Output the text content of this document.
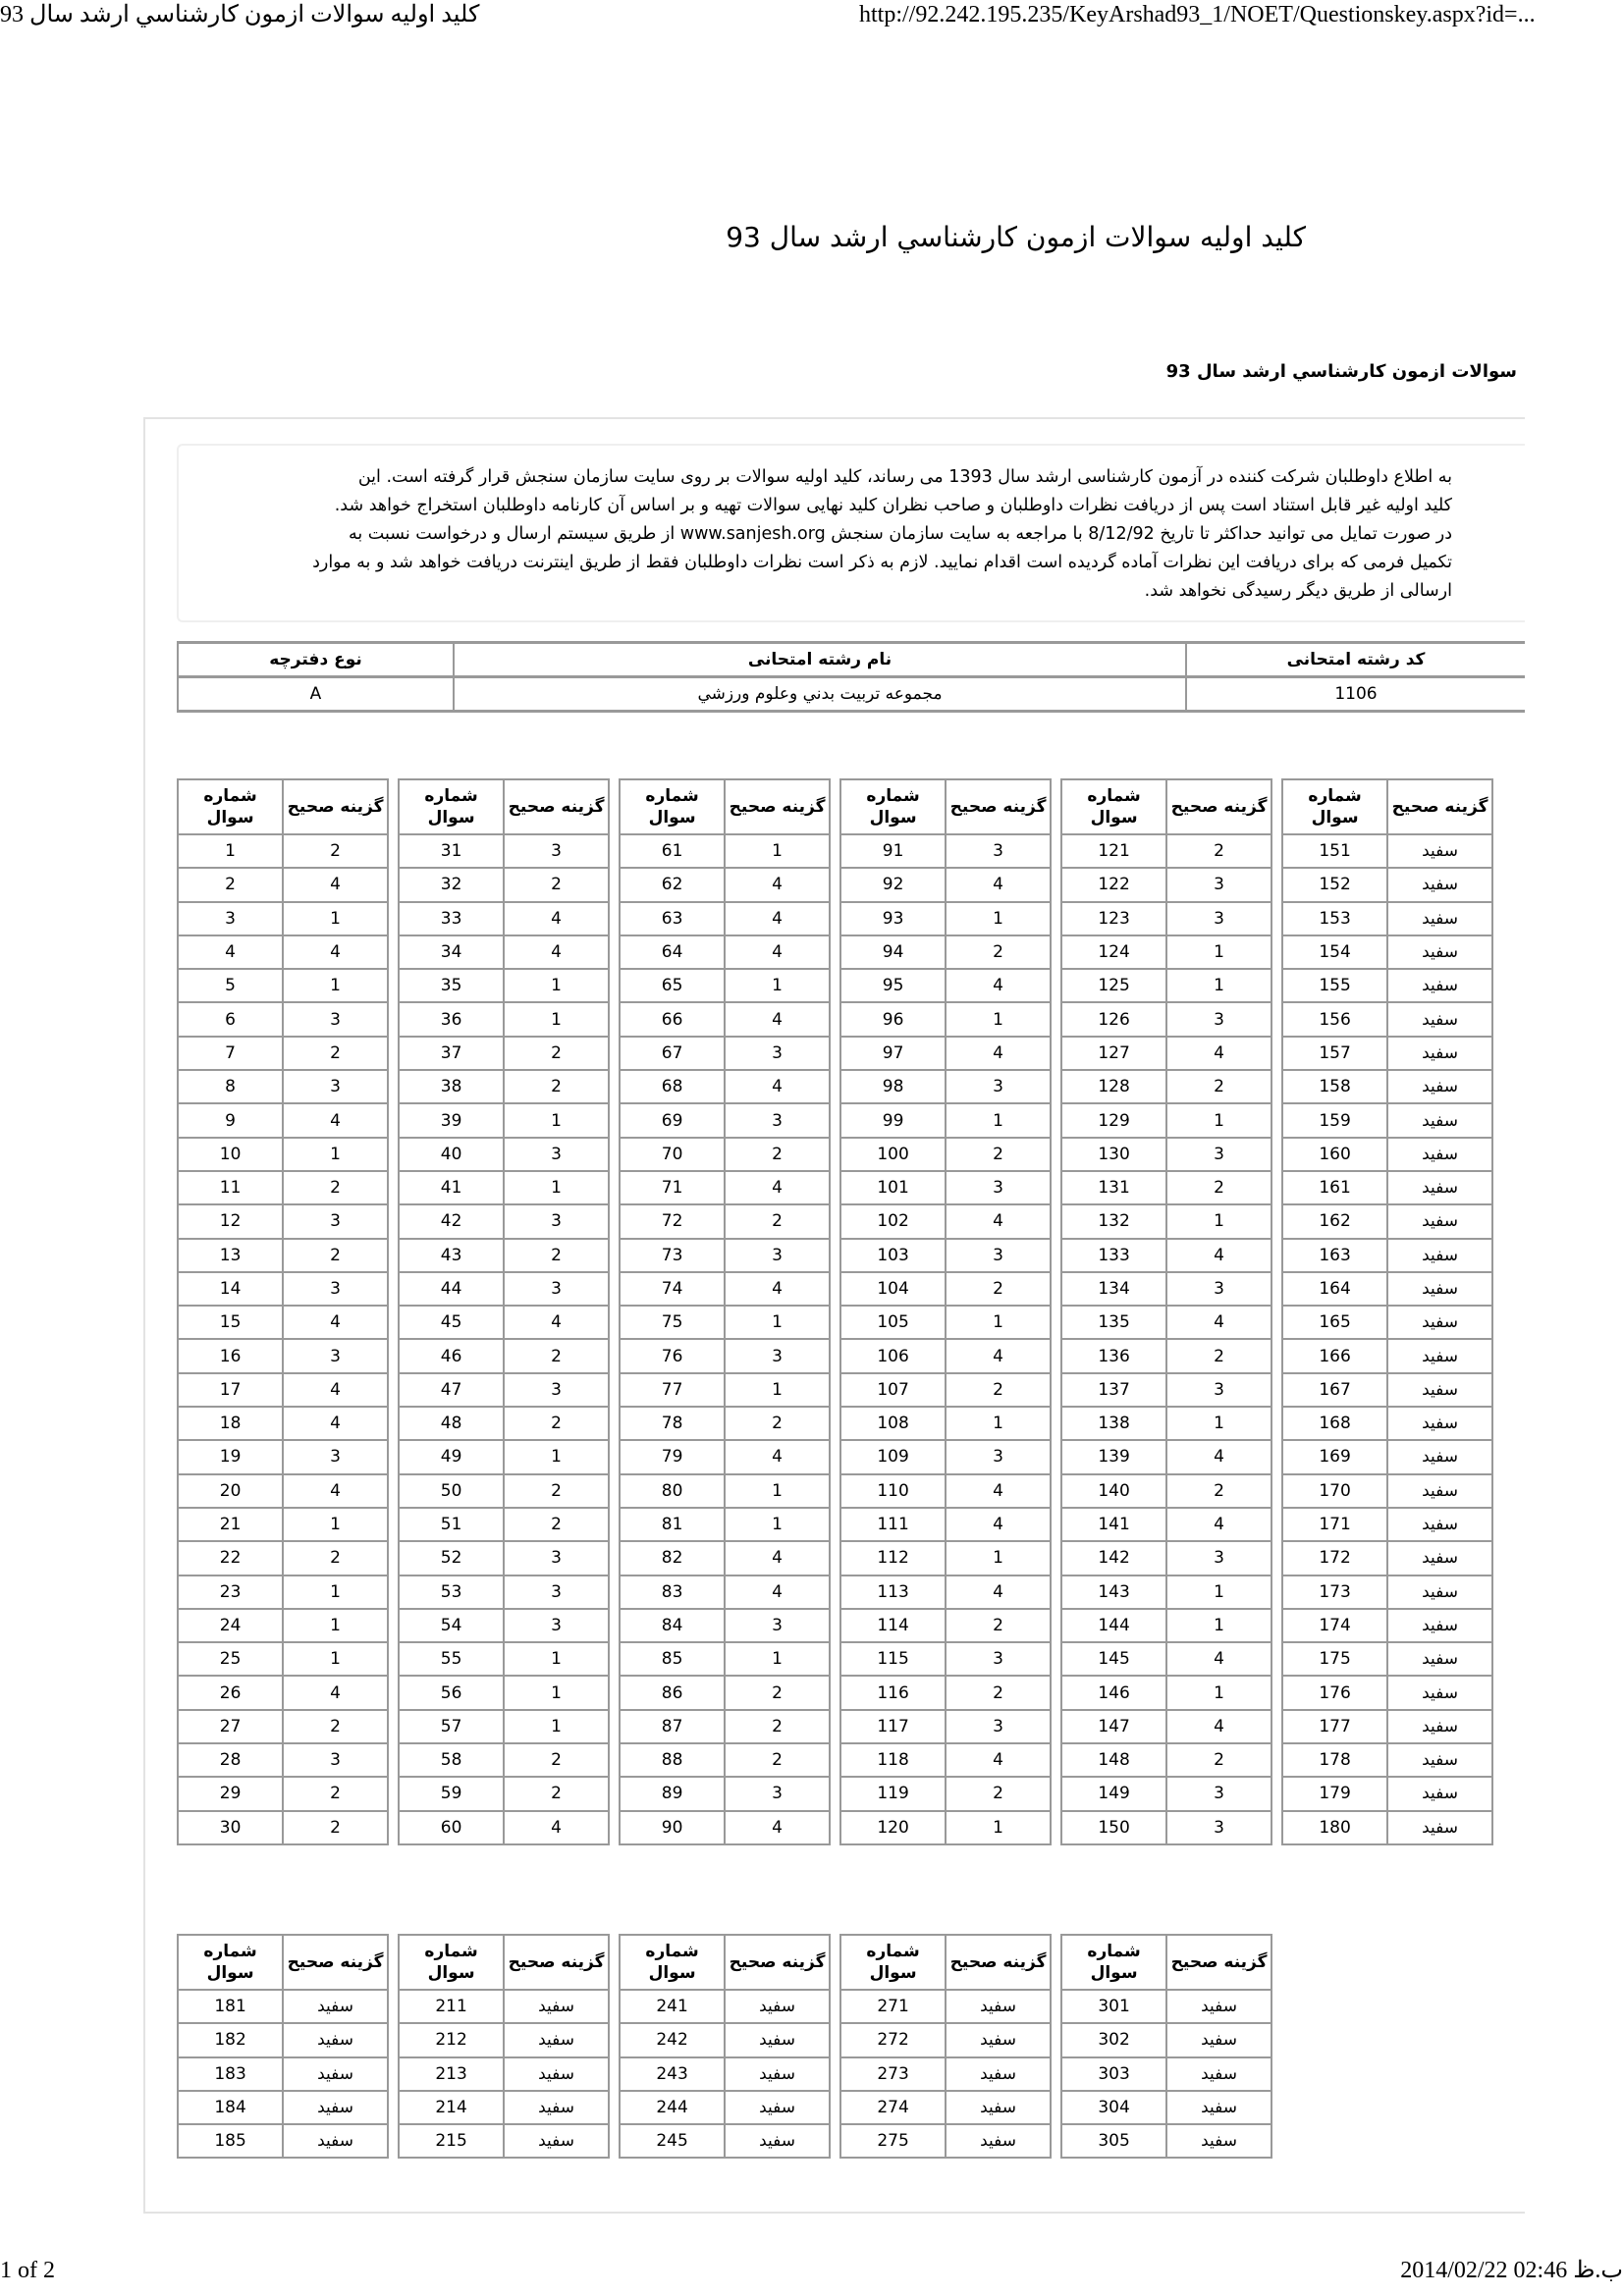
كليد اوليه سوالات ازمون كارشناسي ارشد سال 93	http://92.242.195.235/KeyArshad93_1/NOET/Questionskey.aspx?id=...
كليد اوليه سوالات ازمون كارشناسي ارشد سال 93
سوالات ازمون كارشناسي ارشد سال 93
به اطلاع داوطلبان شرکت کننده در آزمون کارشناسی ارشد سال 1393 می رساند، کلید اولیه سوالات بر روی سایت سازمان سنجش قرار گرفته است. این
کلید اولیه غیر قابل استناد است پس از دریافت نظرات داوطلبان و صاحب نظران کلید نهایی سوالات تهیه و بر اساس آن کارنامه داوطلبان استخراج خواهد شد.
در صورت تمایل می توانید حداکثر تا تاریخ 8/12/92 با مراجعه به سایت سازمان سنجش www.sanjesh.org از طریق سیستم ارسال و درخواست نسبت به
تکمیل فرمی که برای دریافت این نظرات آماده گردیده است اقدام نمایید. لازم به ذکر است نظرات داوطلبان فقط از طریق اینترنت دریافت خواهد شد و به موارد
ارسالی از طریق دیگر رسیدگی نخواهد شد.
کد رشته امتحانی	نام رشته امتحانی	نوع دفترچه
1106	مجموعه تربيت بدني وعلوم ورزشي	A
شماره سوال	گزینه صحیح
1	2
2	4
3	1
4	4
5	1
6	3
7	2
8	3
9	4
10	1
11	2
12	3
13	2
14	3
15	4
16	3
17	4
18	4
19	3
20	4
21	1
22	2
23	1
24	1
25	1
26	4
27	2
28	3
29	2
30	2
شماره سوال	گزینه صحیح
31	3
32	2
33	4
34	4
35	1
36	1
37	2
38	2
39	1
40	3
41	1
42	3
43	2
44	3
45	4
46	2
47	3
48	2
49	1
50	2
51	2
52	3
53	3
54	3
55	1
56	1
57	1
58	2
59	2
60	4
شماره سوال	گزینه صحیح
61	1
62	4
63	4
64	4
65	1
66	4
67	3
68	4
69	3
70	2
71	4
72	2
73	3
74	4
75	1
76	3
77	1
78	2
79	4
80	1
81	1
82	4
83	4
84	3
85	1
86	2
87	2
88	2
89	3
90	4
شماره سوال	گزینه صحیح
91	3
92	4
93	1
94	2
95	4
96	1
97	4
98	3
99	1
100	2
101	3
102	4
103	3
104	2
105	1
106	4
107	2
108	1
109	3
110	4
111	4
112	1
113	4
114	2
115	3
116	2
117	3
118	4
119	2
120	1
شماره سوال	گزینه صحیح
121	2
122	3
123	3
124	1
125	1
126	3
127	4
128	2
129	1
130	3
131	2
132	1
133	4
134	3
135	4
136	2
137	3
138	1
139	4
140	2
141	4
142	3
143	1
144	1
145	4
146	1
147	4
148	2
149	3
150	3
شماره سوال	گزینه صحیح
151	سفید
152	سفید
153	سفید
154	سفید
155	سفید
156	سفید
157	سفید
158	سفید
159	سفید
160	سفید
161	سفید
162	سفید
163	سفید
164	سفید
165	سفید
166	سفید
167	سفید
168	سفید
169	سفید
170	سفید
171	سفید
172	سفید
173	سفید
174	سفید
175	سفید
176	سفید
177	سفید
178	سفید
179	سفید
180	سفید
شماره سوال	گزینه صحیح
181	سفید
182	سفید
183	سفید
184	سفید
185	سفید
شماره سوال	گزینه صحیح
211	سفید
212	سفید
213	سفید
214	سفید
215	سفید
شماره سوال	گزینه صحیح
241	سفید
242	سفید
243	سفید
244	سفید
245	سفید
شماره سوال	گزینه صحیح
271	سفید
272	سفید
273	سفید
274	سفید
275	سفید
شماره سوال	گزینه صحیح
301	سفید
302	سفید
303	سفید
304	سفید
305	سفید
1 of 2	2014/02/22 02:46 ب.ظ
